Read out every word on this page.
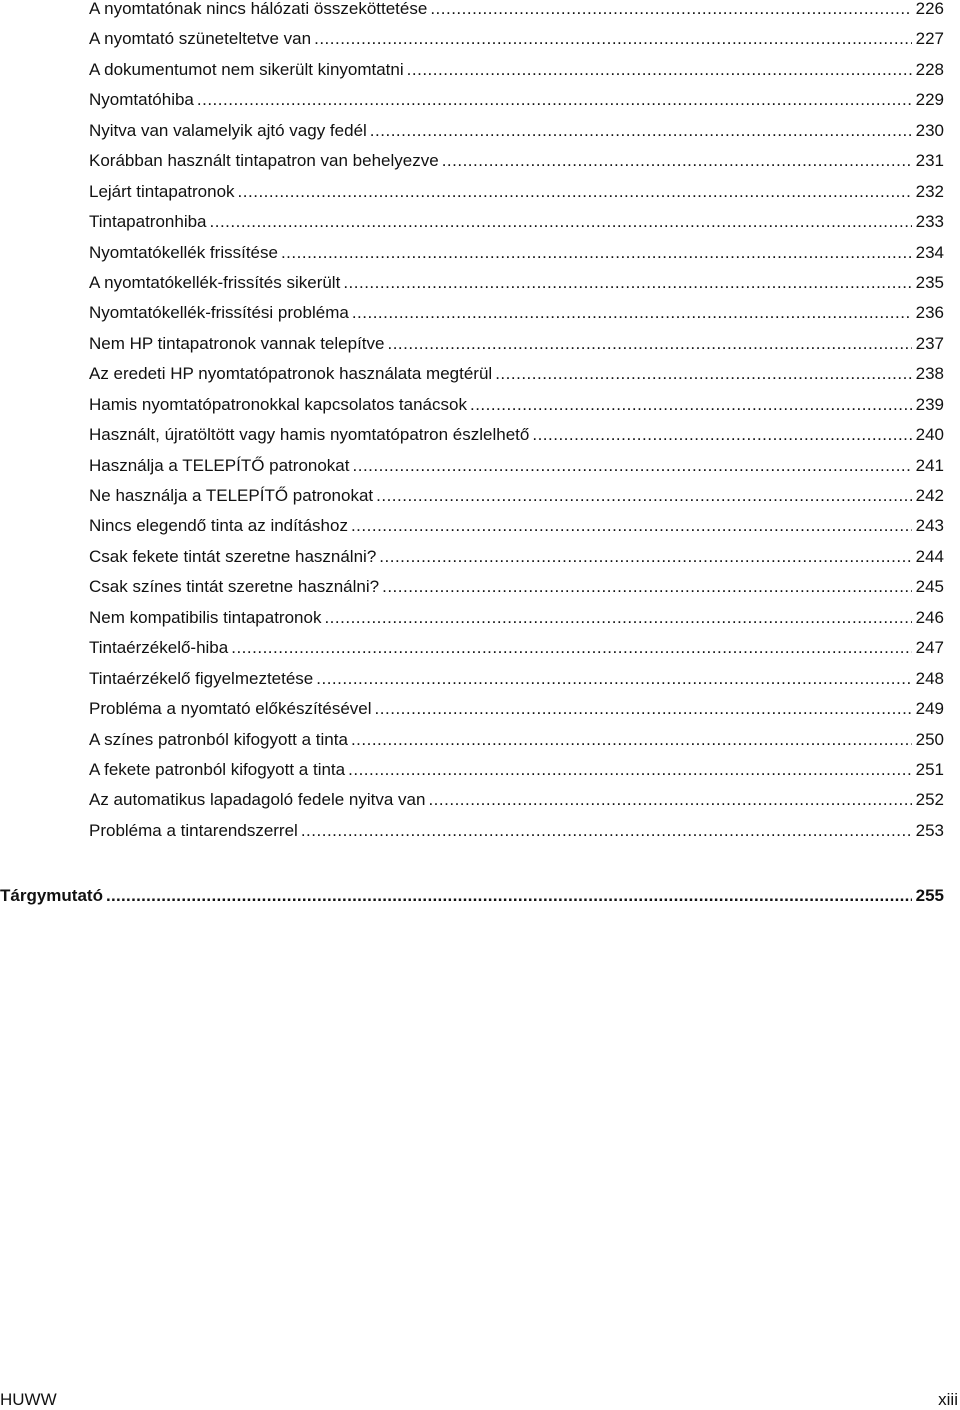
A nyomtatónak nincs hálózati összeköttetése .....	226
A nyomtató szüneteltetve van .....	227
A dokumentumot nem sikerült kinyomtatni .....	228
Nyomtatóhiba .....	229
Nyitva van valamelyik ajtó vagy fedél .....	230
Korábban használt tintapatron van behelyezve .....	231
Lejárt tintapatronok .....	232
Tintapatronhiba .....	233
Nyomtatókellék frissítése .....	234
A nyomtatókellék-frissítés sikerült .....	235
Nyomtatókellék-frissítési probléma .....	236
Nem HP tintapatronok vannak telepítve .....	237
Az eredeti HP nyomtatópatronok használata megtérül .....	238
Hamis nyomtatópatronokkal kapcsolatos tanácsok .....	239
Használt, újratöltött vagy hamis nyomtatópatron észlelhető .....	240
Használja a TELEPÍTŐ patronokat .....	241
Ne használja a TELEPÍTŐ patronokat .....	242
Nincs elegendő tinta az indításhoz .....	243
Csak fekete tintát szeretne használni? .....	244
Csak színes tintát szeretne használni? .....	245
Nem kompatibilis tintapatronok .....	246
Tintaérzékelő-hiba .....	247
Tintaérzékelő figyelmeztetése .....	248
Probléma a nyomtató előkészítésével .....	249
A színes patronból kifogyott a tinta .....	250
A fekete patronból kifogyott a tinta .....	251
Az automatikus lapadagoló fedele nyitva van .....	252
Probléma a tintarendszerrel .....	253
Tárgymutató .....	255
HUWW	xiii
